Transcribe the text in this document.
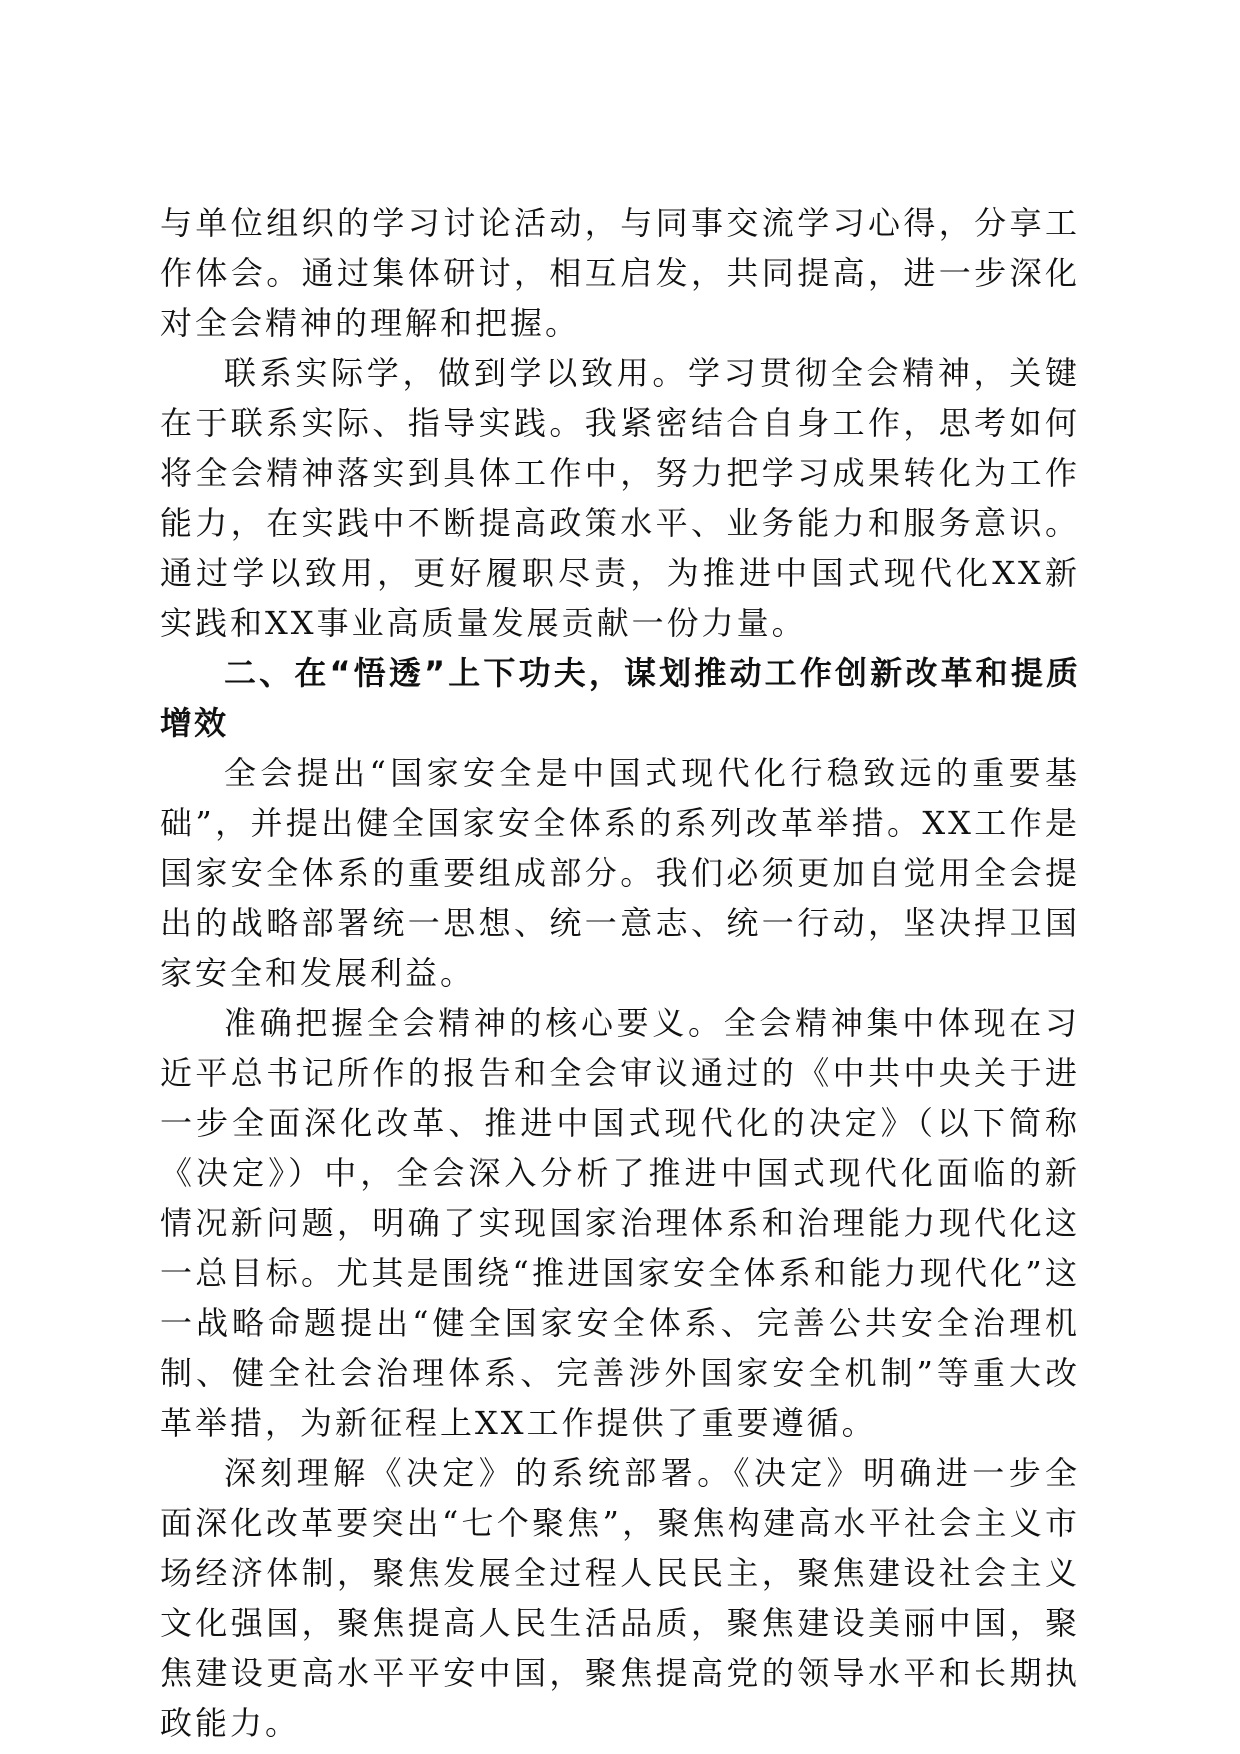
与单位组织的学习讨论活动，与同事交流学习心得，分享工作体会。通过集体研讨，相互启发，共同提高，进一步深化对全会精神的理解和把握。

联系实际学，做到学以致用。学习贯彻全会精神，关键在于联系实际、指导实践。我紧密结合自身工作，思考如何将全会精神落实到具体工作中，努力把学习成果转化为工作能力，在实践中不断提高政策水平、业务能力和服务意识。通过学以致用，更好履职尽责，为推进中国式现代化XX新实践和XX事业高质量发展贡献一份力量。

二、在“悟透”上下功夫，谋划推动工作创新改革和提质增效

全会提出“国家安全是中国式现代化行稳致远的重要基础”，并提出健全国家安全体系的系列改革举措。XX工作是国家安全体系的重要组成部分。我们必须更加自觉用全会提出的战略部署统一思想、统一意志、统一行动，坚决捍卫国家安全和发展利益。

准确把握全会精神的核心要义。全会精神集中体现在习近平总书记所作的报告和全会审议通过的《中共中央关于进一步全面深化改革、推进中国式现代化的决定》（以下简称《决定》）中，全会深入分析了推进中国式现代化面临的新情况新问题，明确了实现国家治理体系和治理能力现代化这一总目标。尤其是围绕“推进国家安全体系和能力现代化”这一战略命题提出“健全国家安全体系、完善公共安全治理机制、健全社会治理体系、完善涉外国家安全机制”等重大改革举措，为新征程上XX工作提供了重要遵循。

深刻理解《决定》的系统部署。《决定》明确进一步全面深化改革要突出“七个聚焦”，聚焦构建高水平社会主义市场经济体制，聚焦发展全过程人民民主，聚焦建设社会主义文化强国，聚焦提高人民生活品质，聚焦建设美丽中国，聚焦建设更高水平平安中国，聚焦提高党的领导水平和长期执政能力。
